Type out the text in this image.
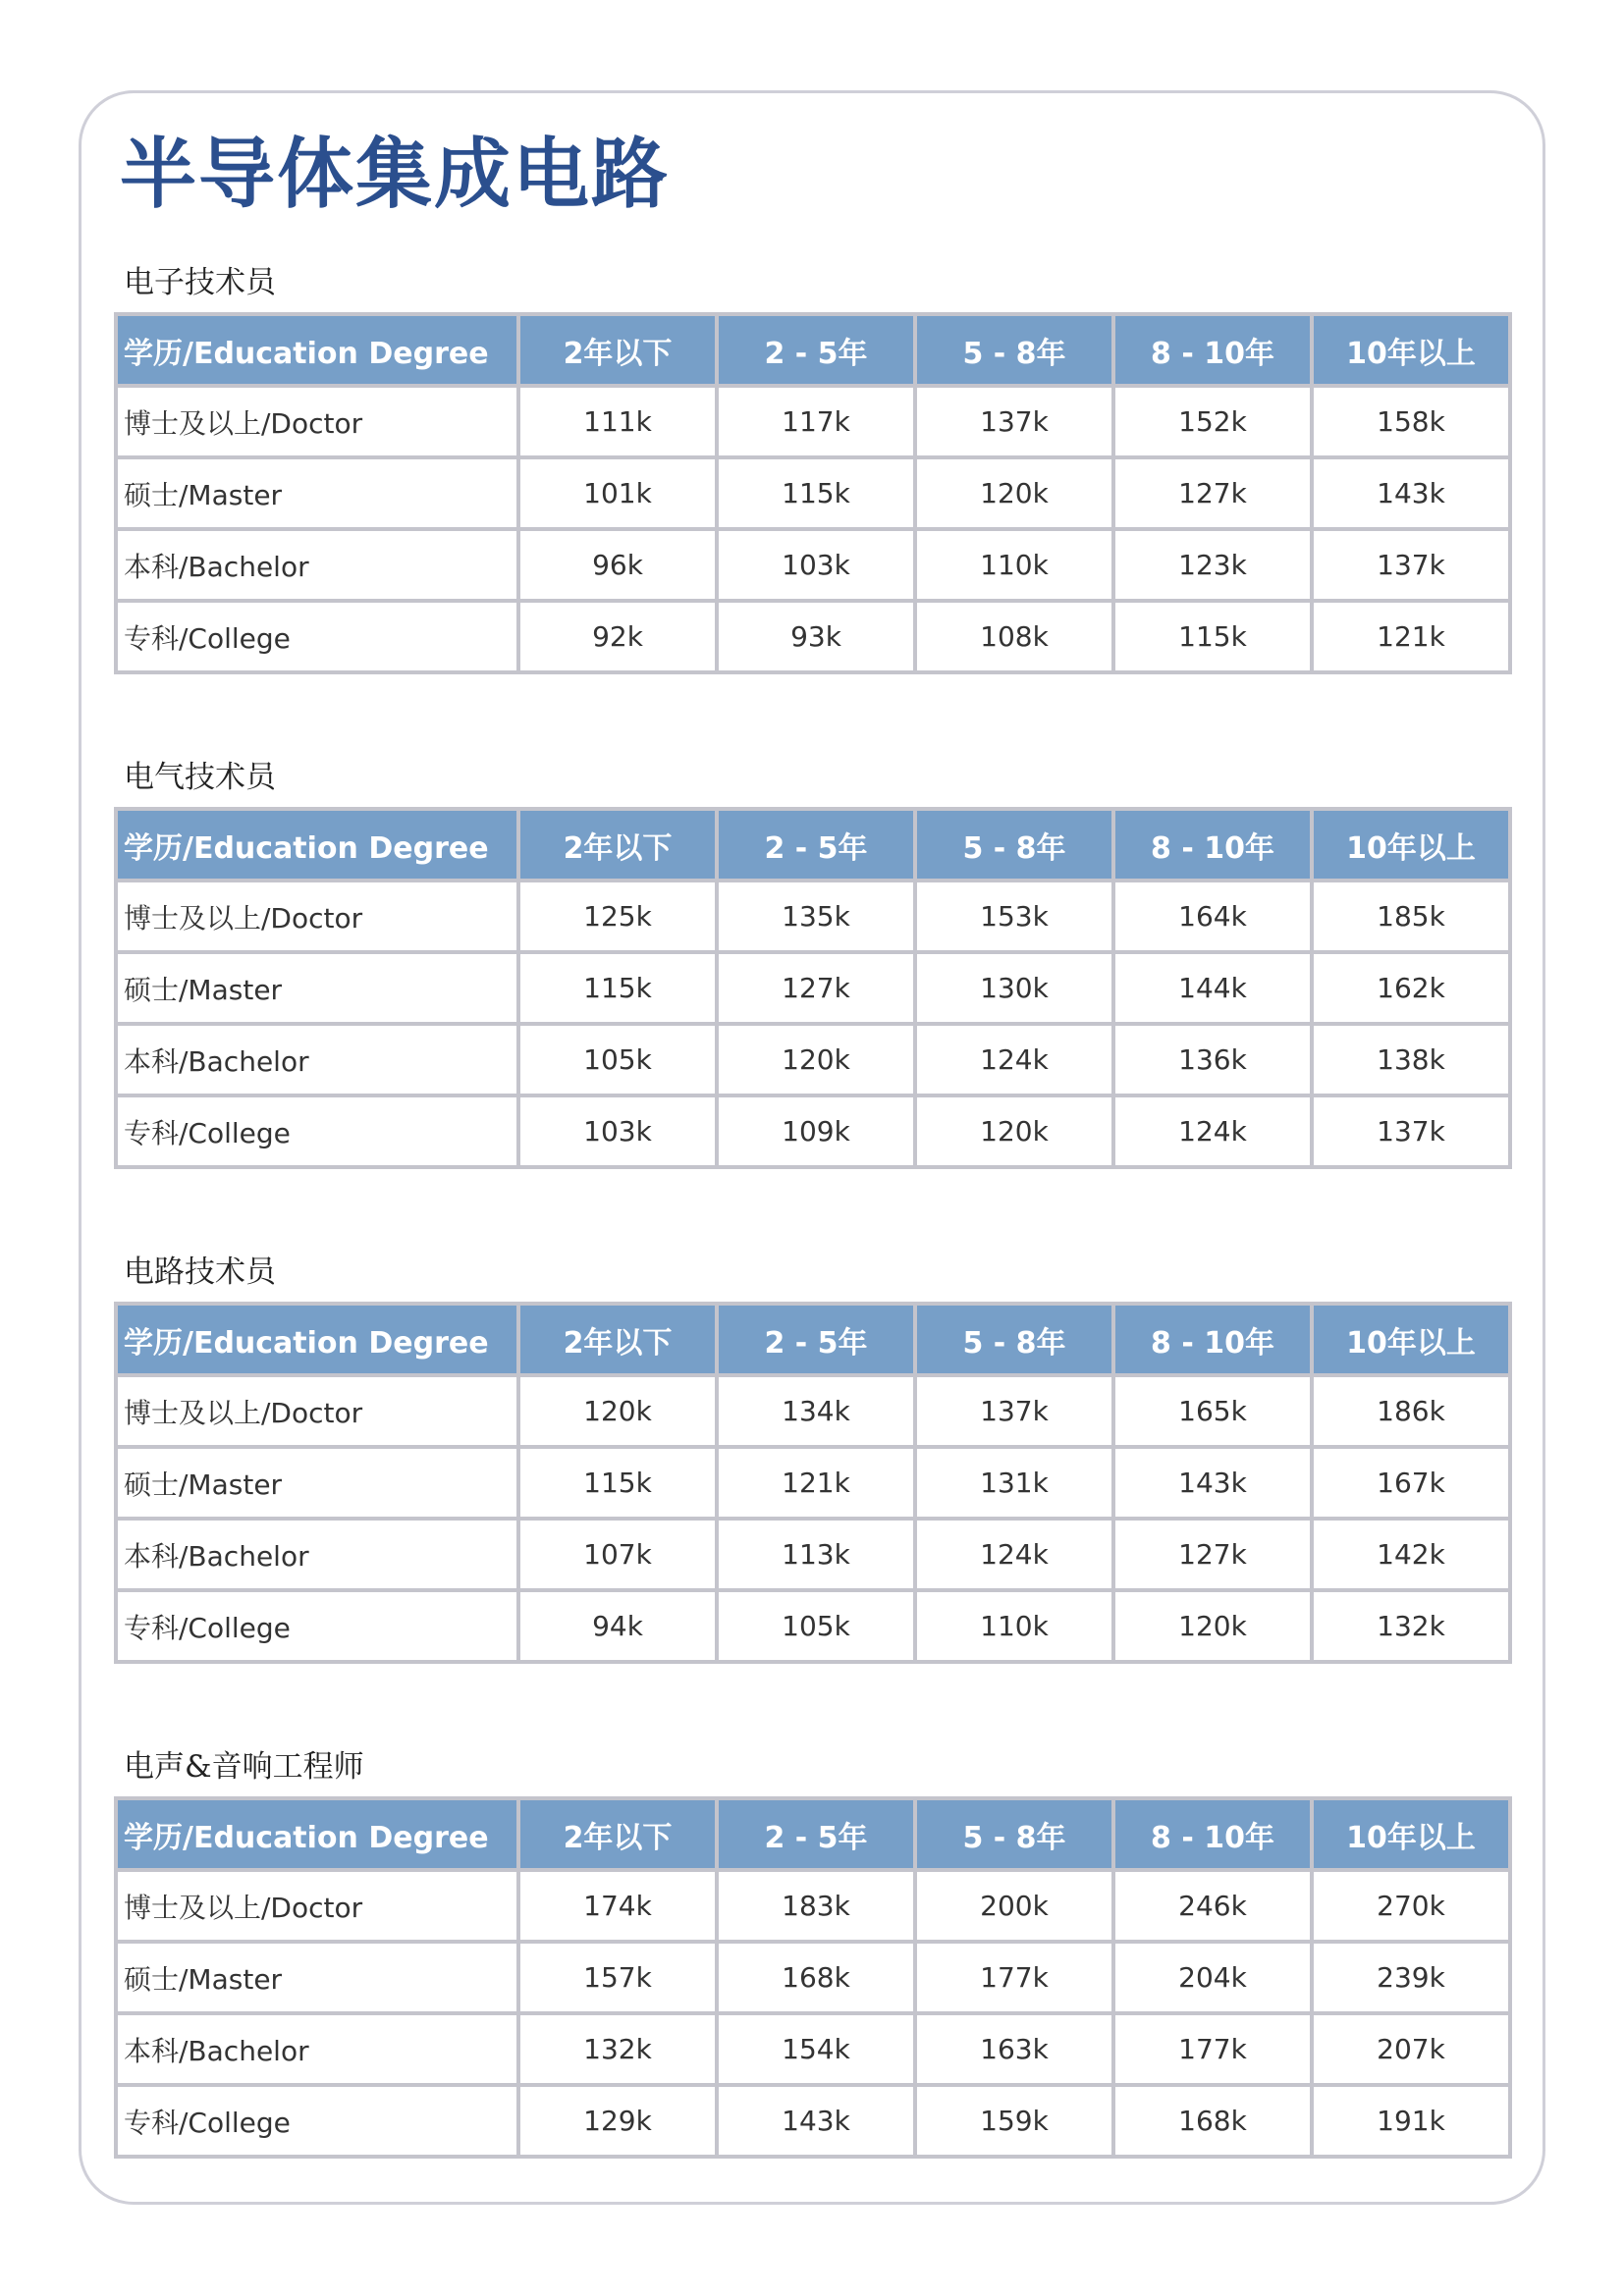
半导体集成电路
电子技术员
学历/Education Degree	2年以下	2 - 5年	5 - 8年	8 - 10年	10年以上
博士及以上/Doctor	111k	117k	137k	152k	158k
硕士/Master	101k	115k	120k	127k	143k
本科/Bachelor	96k	103k	110k	123k	137k
专科/College	92k	93k	108k	115k	121k
电气技术员
学历/Education Degree	2年以下	2 - 5年	5 - 8年	8 - 10年	10年以上
博士及以上/Doctor	125k	135k	153k	164k	185k
硕士/Master	115k	127k	130k	144k	162k
本科/Bachelor	105k	120k	124k	136k	138k
专科/College	103k	109k	120k	124k	137k
电路技术员
学历/Education Degree	2年以下	2 - 5年	5 - 8年	8 - 10年	10年以上
博士及以上/Doctor	120k	134k	137k	165k	186k
硕士/Master	115k	121k	131k	143k	167k
本科/Bachelor	107k	113k	124k	127k	142k
专科/College	94k	105k	110k	120k	132k
电声&音响工程师
学历/Education Degree	2年以下	2 - 5年	5 - 8年	8 - 10年	10年以上
博士及以上/Doctor	174k	183k	200k	246k	270k
硕士/Master	157k	168k	177k	204k	239k
本科/Bachelor	132k	154k	163k	177k	207k
专科/College	129k	143k	159k	168k	191k
